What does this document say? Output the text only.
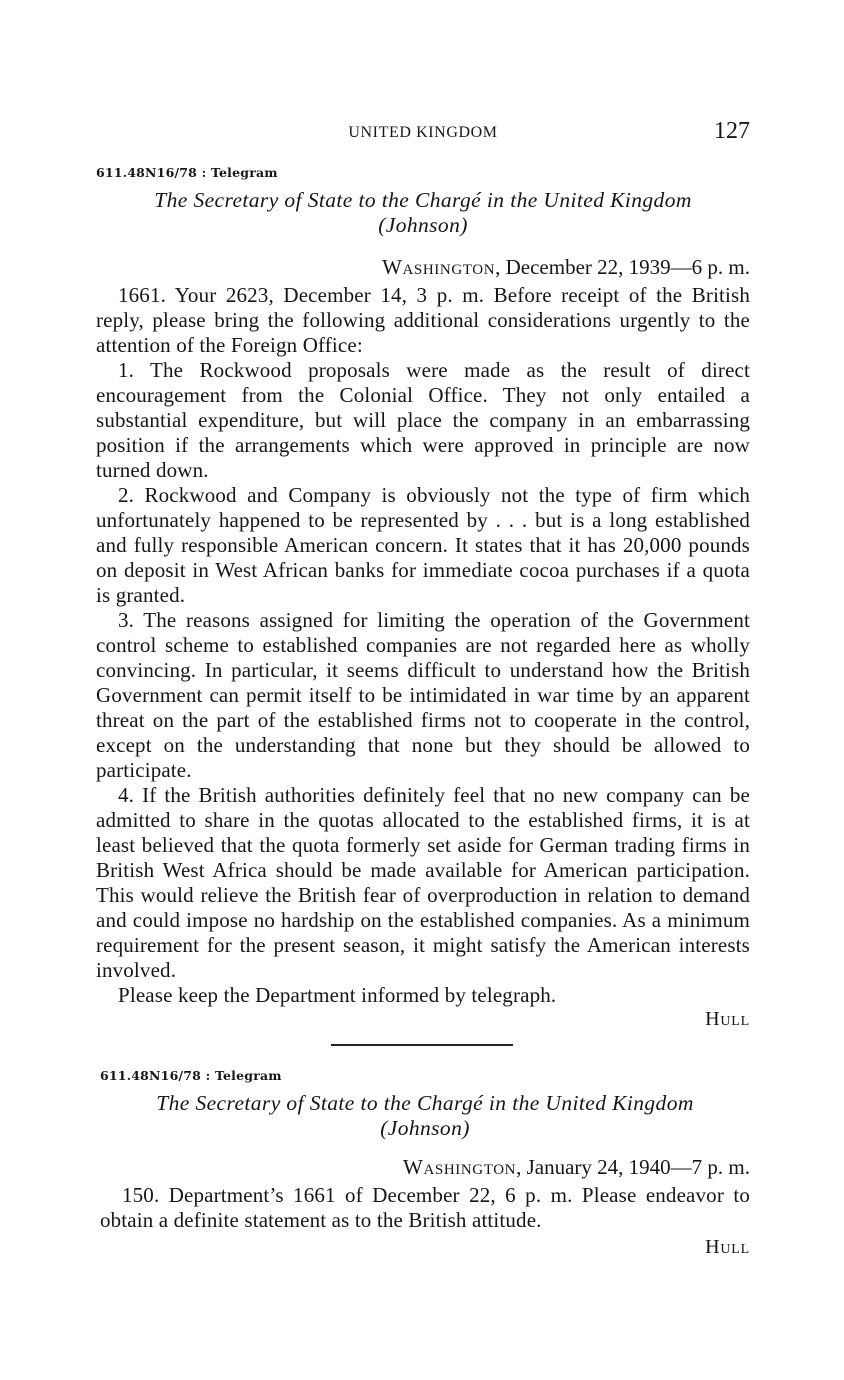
UNITED KINGDOM	127
611.48N16/78 : Telegram
The Secretary of State to the Chargé in the United Kingdom
(Johnson)
Washington, December 22, 1939—6 p. m.

1661. Your 2623, December 14, 3 p. m. Before receipt of the British reply, please bring the following additional considerations urgently to the attention of the Foreign Office:

1. The Rockwood proposals were made as the result of direct encouragement from the Colonial Office. They not only entailed a substantial expenditure, but will place the company in an embarrassing position if the arrangements which were approved in principle are now turned down.

2. Rockwood and Company is obviously not the type of firm which unfortunately happened to be represented by . . . but is a long established and fully responsible American concern. It states that it has 20,000 pounds on deposit in West African banks for immediate cocoa purchases if a quota is granted.

3. The reasons assigned for limiting the operation of the Government control scheme to established companies are not regarded here as wholly convincing. In particular, it seems difficult to understand how the British Government can permit itself to be intimidated in war time by an apparent threat on the part of the established firms not to cooperate in the control, except on the understanding that none but they should be allowed to participate.

4. If the British authorities definitely feel that no new company can be admitted to share in the quotas allocated to the established firms, it is at least believed that the quota formerly set aside for German trading firms in British West Africa should be made available for American participation. This would relieve the British fear of overproduction in relation to demand and could impose no hardship on the established companies. As a minimum requirement for the present season, it might satisfy the American interests involved.

Please keep the Department informed by telegraph.

Hull
611.48N16/78 : Telegram
The Secretary of State to the Chargé in the United Kingdom
(Johnson)
Washington, January 24, 1940—7 p. m.

150. Department’s 1661 of December 22, 6 p. m. Please endeavor to obtain a definite statement as to the British attitude.

Hull
